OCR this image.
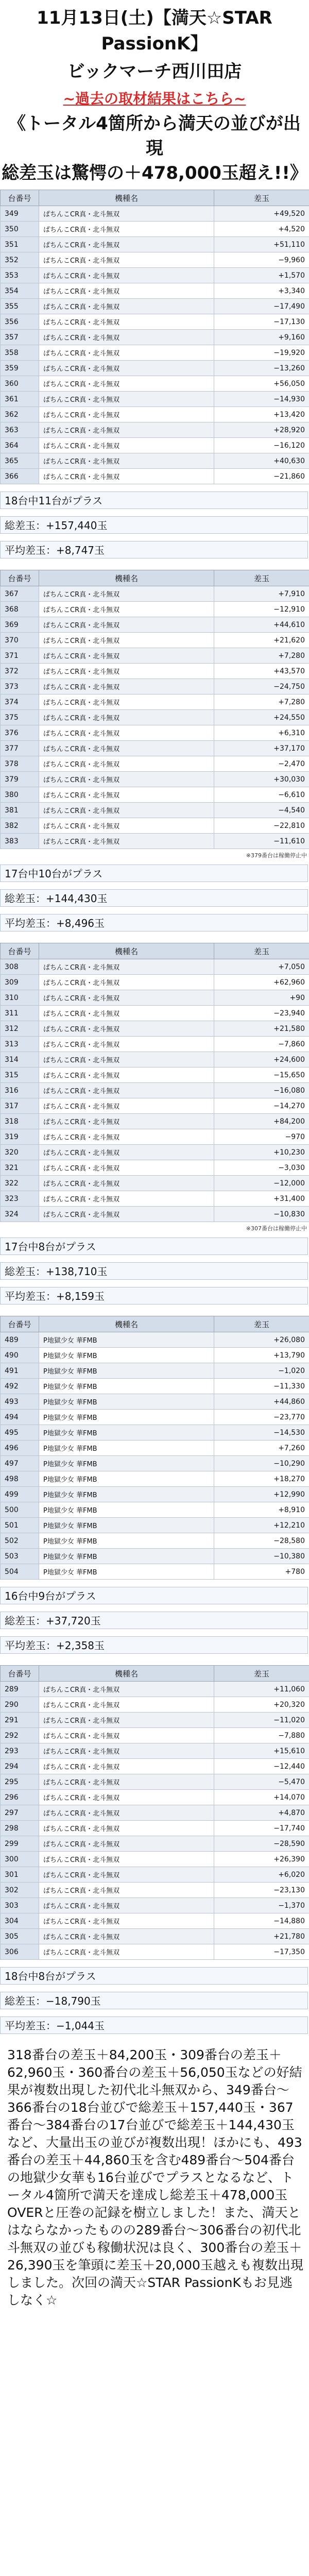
11月13日(土)【満天☆STAR PassionK】
ビックマーチ西川田店
~過去の取材結果はこちら~
《トータル4箇所から満天の並びが出現
総差玉は驚愕の＋478,000玉超え!!》
台番号	機種名	差玉
349	ぱちんこCR真・北斗無双	+49,520
350	ぱちんこCR真・北斗無双	+4,520
351	ぱちんこCR真・北斗無双	+51,110
352	ぱちんこCR真・北斗無双	−9,960
353	ぱちんこCR真・北斗無双	+1,570
354	ぱちんこCR真・北斗無双	+3,340
355	ぱちんこCR真・北斗無双	−17,490
356	ぱちんこCR真・北斗無双	−17,130
357	ぱちんこCR真・北斗無双	+9,160
358	ぱちんこCR真・北斗無双	−19,920
359	ぱちんこCR真・北斗無双	−13,260
360	ぱちんこCR真・北斗無双	+56,050
361	ぱちんこCR真・北斗無双	−14,930
362	ぱちんこCR真・北斗無双	+13,420
363	ぱちんこCR真・北斗無双	+28,920
364	ぱちんこCR真・北斗無双	−16,120
365	ぱちんこCR真・北斗無双	+40,630
366	ぱちんこCR真・北斗無双	−21,860
18台中11台がプラス
総差玉：+157,440玉
平均差玉：+8,747玉
台番号	機種名	差玉
367	ぱちんこCR真・北斗無双	+7,910
368	ぱちんこCR真・北斗無双	−12,910
369	ぱちんこCR真・北斗無双	+44,610
370	ぱちんこCR真・北斗無双	+21,620
371	ぱちんこCR真・北斗無双	+7,280
372	ぱちんこCR真・北斗無双	+43,570
373	ぱちんこCR真・北斗無双	−24,750
374	ぱちんこCR真・北斗無双	+7,280
375	ぱちんこCR真・北斗無双	+24,550
376	ぱちんこCR真・北斗無双	+6,310
377	ぱちんこCR真・北斗無双	+37,170
378	ぱちんこCR真・北斗無双	−2,470
379	ぱちんこCR真・北斗無双	+30,030
380	ぱちんこCR真・北斗無双	−6,610
381	ぱちんこCR真・北斗無双	−4,540
382	ぱちんこCR真・北斗無双	−22,810
383	ぱちんこCR真・北斗無双	−11,610
※379番台は稼働停止中
17台中10台がプラス
総差玉：+144,430玉
平均差玉：+8,496玉
台番号	機種名	差玉
308	ぱちんこCR真・北斗無双	+7,050
309	ぱちんこCR真・北斗無双	+62,960
310	ぱちんこCR真・北斗無双	+90
311	ぱちんこCR真・北斗無双	−23,940
312	ぱちんこCR真・北斗無双	+21,580
313	ぱちんこCR真・北斗無双	−7,860
314	ぱちんこCR真・北斗無双	+24,600
315	ぱちんこCR真・北斗無双	−15,650
316	ぱちんこCR真・北斗無双	−16,080
317	ぱちんこCR真・北斗無双	−14,270
318	ぱちんこCR真・北斗無双	+84,200
319	ぱちんこCR真・北斗無双	−970
320	ぱちんこCR真・北斗無双	+10,230
321	ぱちんこCR真・北斗無双	−3,030
322	ぱちんこCR真・北斗無双	−12,000
323	ぱちんこCR真・北斗無双	+31,400
324	ぱちんこCR真・北斗無双	−10,830
※307番台は稼働停止中
17台中8台がプラス
総差玉：+138,710玉
平均差玉：+8,159玉
台番号	機種名	差玉
489	P地獄少女 華FMB	+26,080
490	P地獄少女 華FMB	+13,790
491	P地獄少女 華FMB	−1,020
492	P地獄少女 華FMB	−11,330
493	P地獄少女 華FMB	+44,860
494	P地獄少女 華FMB	−23,770
495	P地獄少女 華FMB	−14,530
496	P地獄少女 華FMB	+7,260
497	P地獄少女 華FMB	−10,290
498	P地獄少女 華FMB	+18,270
499	P地獄少女 華FMB	+12,990
500	P地獄少女 華FMB	+8,910
501	P地獄少女 華FMB	+12,210
502	P地獄少女 華FMB	−28,580
503	P地獄少女 華FMB	−10,380
504	P地獄少女 華FMB	+780
16台中9台がプラス
総差玉：+37,720玉
平均差玉：+2,358玉
台番号	機種名	差玉
289	ぱちんこCR真・北斗無双	+11,060
290	ぱちんこCR真・北斗無双	+20,320
291	ぱちんこCR真・北斗無双	−11,020
292	ぱちんこCR真・北斗無双	−7,880
293	ぱちんこCR真・北斗無双	+15,610
294	ぱちんこCR真・北斗無双	−12,440
295	ぱちんこCR真・北斗無双	−5,470
296	ぱちんこCR真・北斗無双	+14,070
297	ぱちんこCR真・北斗無双	+4,870
298	ぱちんこCR真・北斗無双	−17,740
299	ぱちんこCR真・北斗無双	−28,590
300	ぱちんこCR真・北斗無双	+26,390
301	ぱちんこCR真・北斗無双	+6,020
302	ぱちんこCR真・北斗無双	−23,130
303	ぱちんこCR真・北斗無双	−1,370
304	ぱちんこCR真・北斗無双	−14,880
305	ぱちんこCR真・北斗無双	+21,780
306	ぱちんこCR真・北斗無双	−17,350
18台中8台がプラス
総差玉：−18,790玉
平均差玉：−1,044玉
318番台の差玉＋84,200玉・309番台の差玉＋62,960玉・360番台の差玉＋56,050玉などの好結果が複数出現した初代北斗無双から、349番台〜366番台の18台並びで総差玉＋157,440玉・367番台〜384番台の17台並びで総差玉＋144,430玉など、大量出玉の並びが複数出現！ほかにも、493番台の差玉＋44,860玉を含む489番台〜504番台の地獄少女華も16台並びでプラスとなるなど、トータル4箇所で満天を達成し総差玉＋478,000玉OVERと圧巻の記録を樹立しました！また、満天とはならなかったものの289番台〜306番台の初代北斗無双の並びも稼働状況は良く、300番台の差玉＋26,390玉を筆頭に差玉＋20,000玉越えも複数出現しました。次回の満天☆STAR PassionKもお見逃しなく☆
